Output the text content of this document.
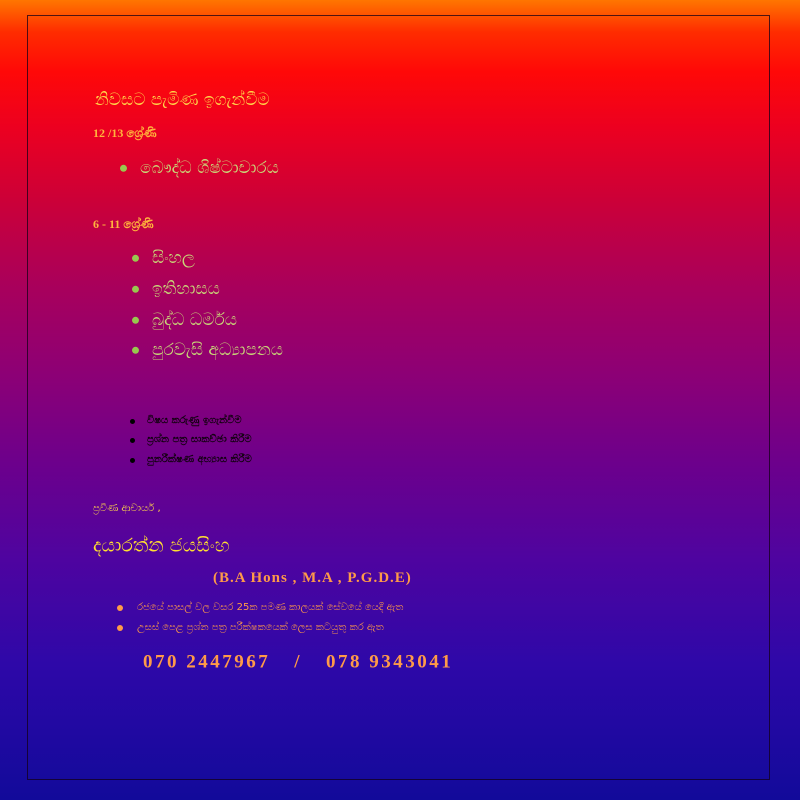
නිවසට පැමිණ ඉගැන්වීම
12 /13 ශ්‍රේණි
බෞද්ධ ශිෂ්ටාචාරය
6 - 11 ශ්‍රේණි
සිංහල
ඉතිහාසය
බුද්ධ ධර්මය
පුරවැසි අධ්‍යාපනය
විෂය කරුණු ඉගැන්වීම
ප්‍රශ්න පත්‍ර සාකච්ඡා කිරීම
පුනරීක්ෂණ අභ්‍යාස කිරීම
ප්‍රවීණ ආචාර්ය ,
දයාරත්න ජයසිංහ
(B.A Hons , M.A , P.G.D.E)
රජයේ පාසල් වල වසර 25ක පමණ කාලයක් සේවයේ යෙදී ඇත
උසස් පෙළ ප්‍රශ්න පත්‍ර පරීක්ෂකයෙක් ලෙස කටයුතු කර ඇත
070 2447967 / 078 9343041
